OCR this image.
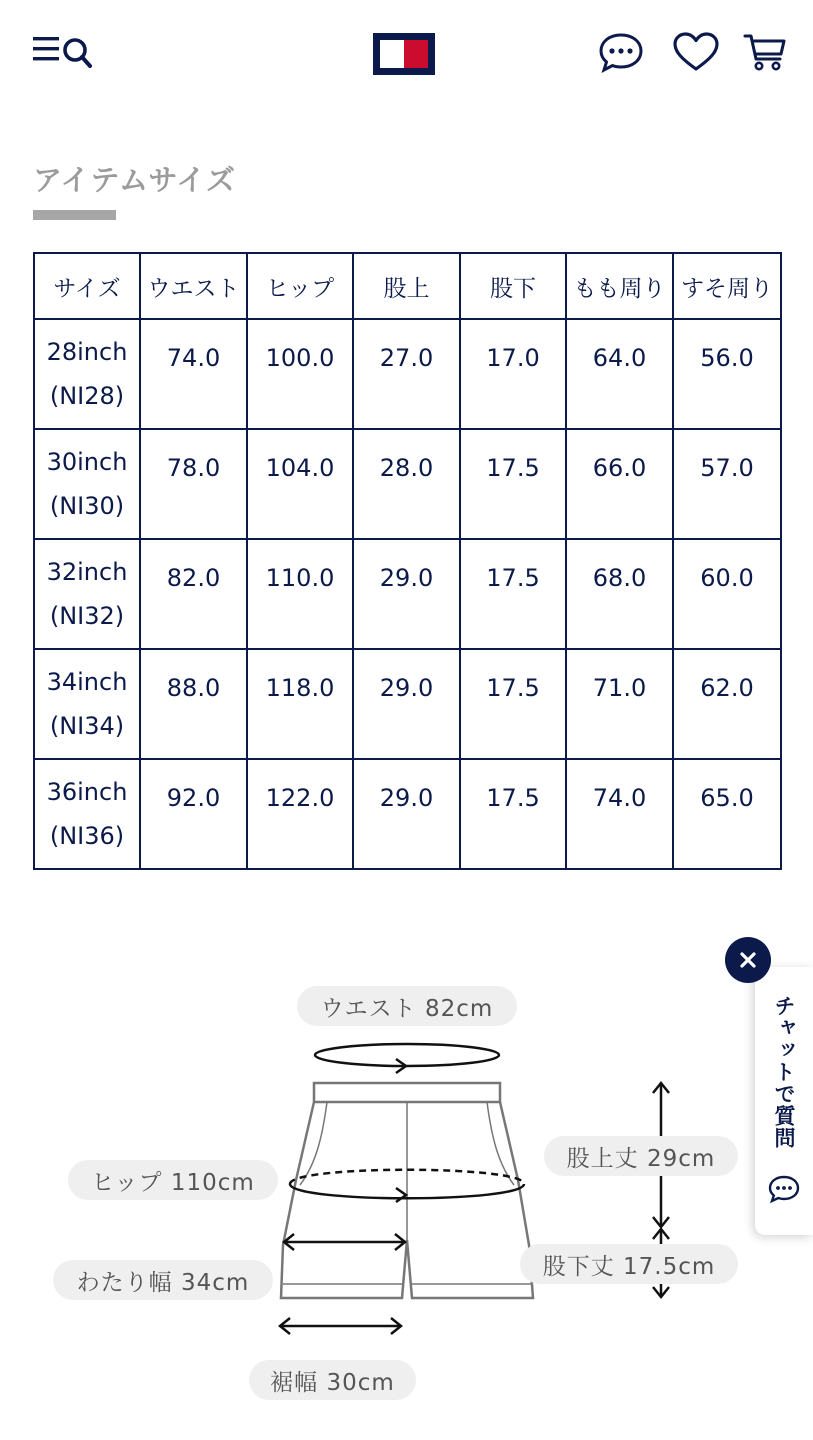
アイテムサイズ
サイズ	ウエスト	ヒップ	股上	股下	もも周り	すそ周り

28inch
(NI28)	74.0	100.0	27.0	17.0	64.0	56.0

30inch
(NI30)	78.0	104.0	28.0	17.5	66.0	57.0

32inch
(NI32)	82.0	110.0	29.0	17.5	68.0	60.0

34inch
(NI34)	88.0	118.0	29.0	17.5	71.0	62.0

36inch
(NI36)	92.0	122.0	29.0	17.5	74.0	65.0
ウエスト 82cm
ヒップ 110cm
わたり幅 34cm
股上丈 29cm
股下丈 17.5cm
裾幅 30cm
チャットで質問
